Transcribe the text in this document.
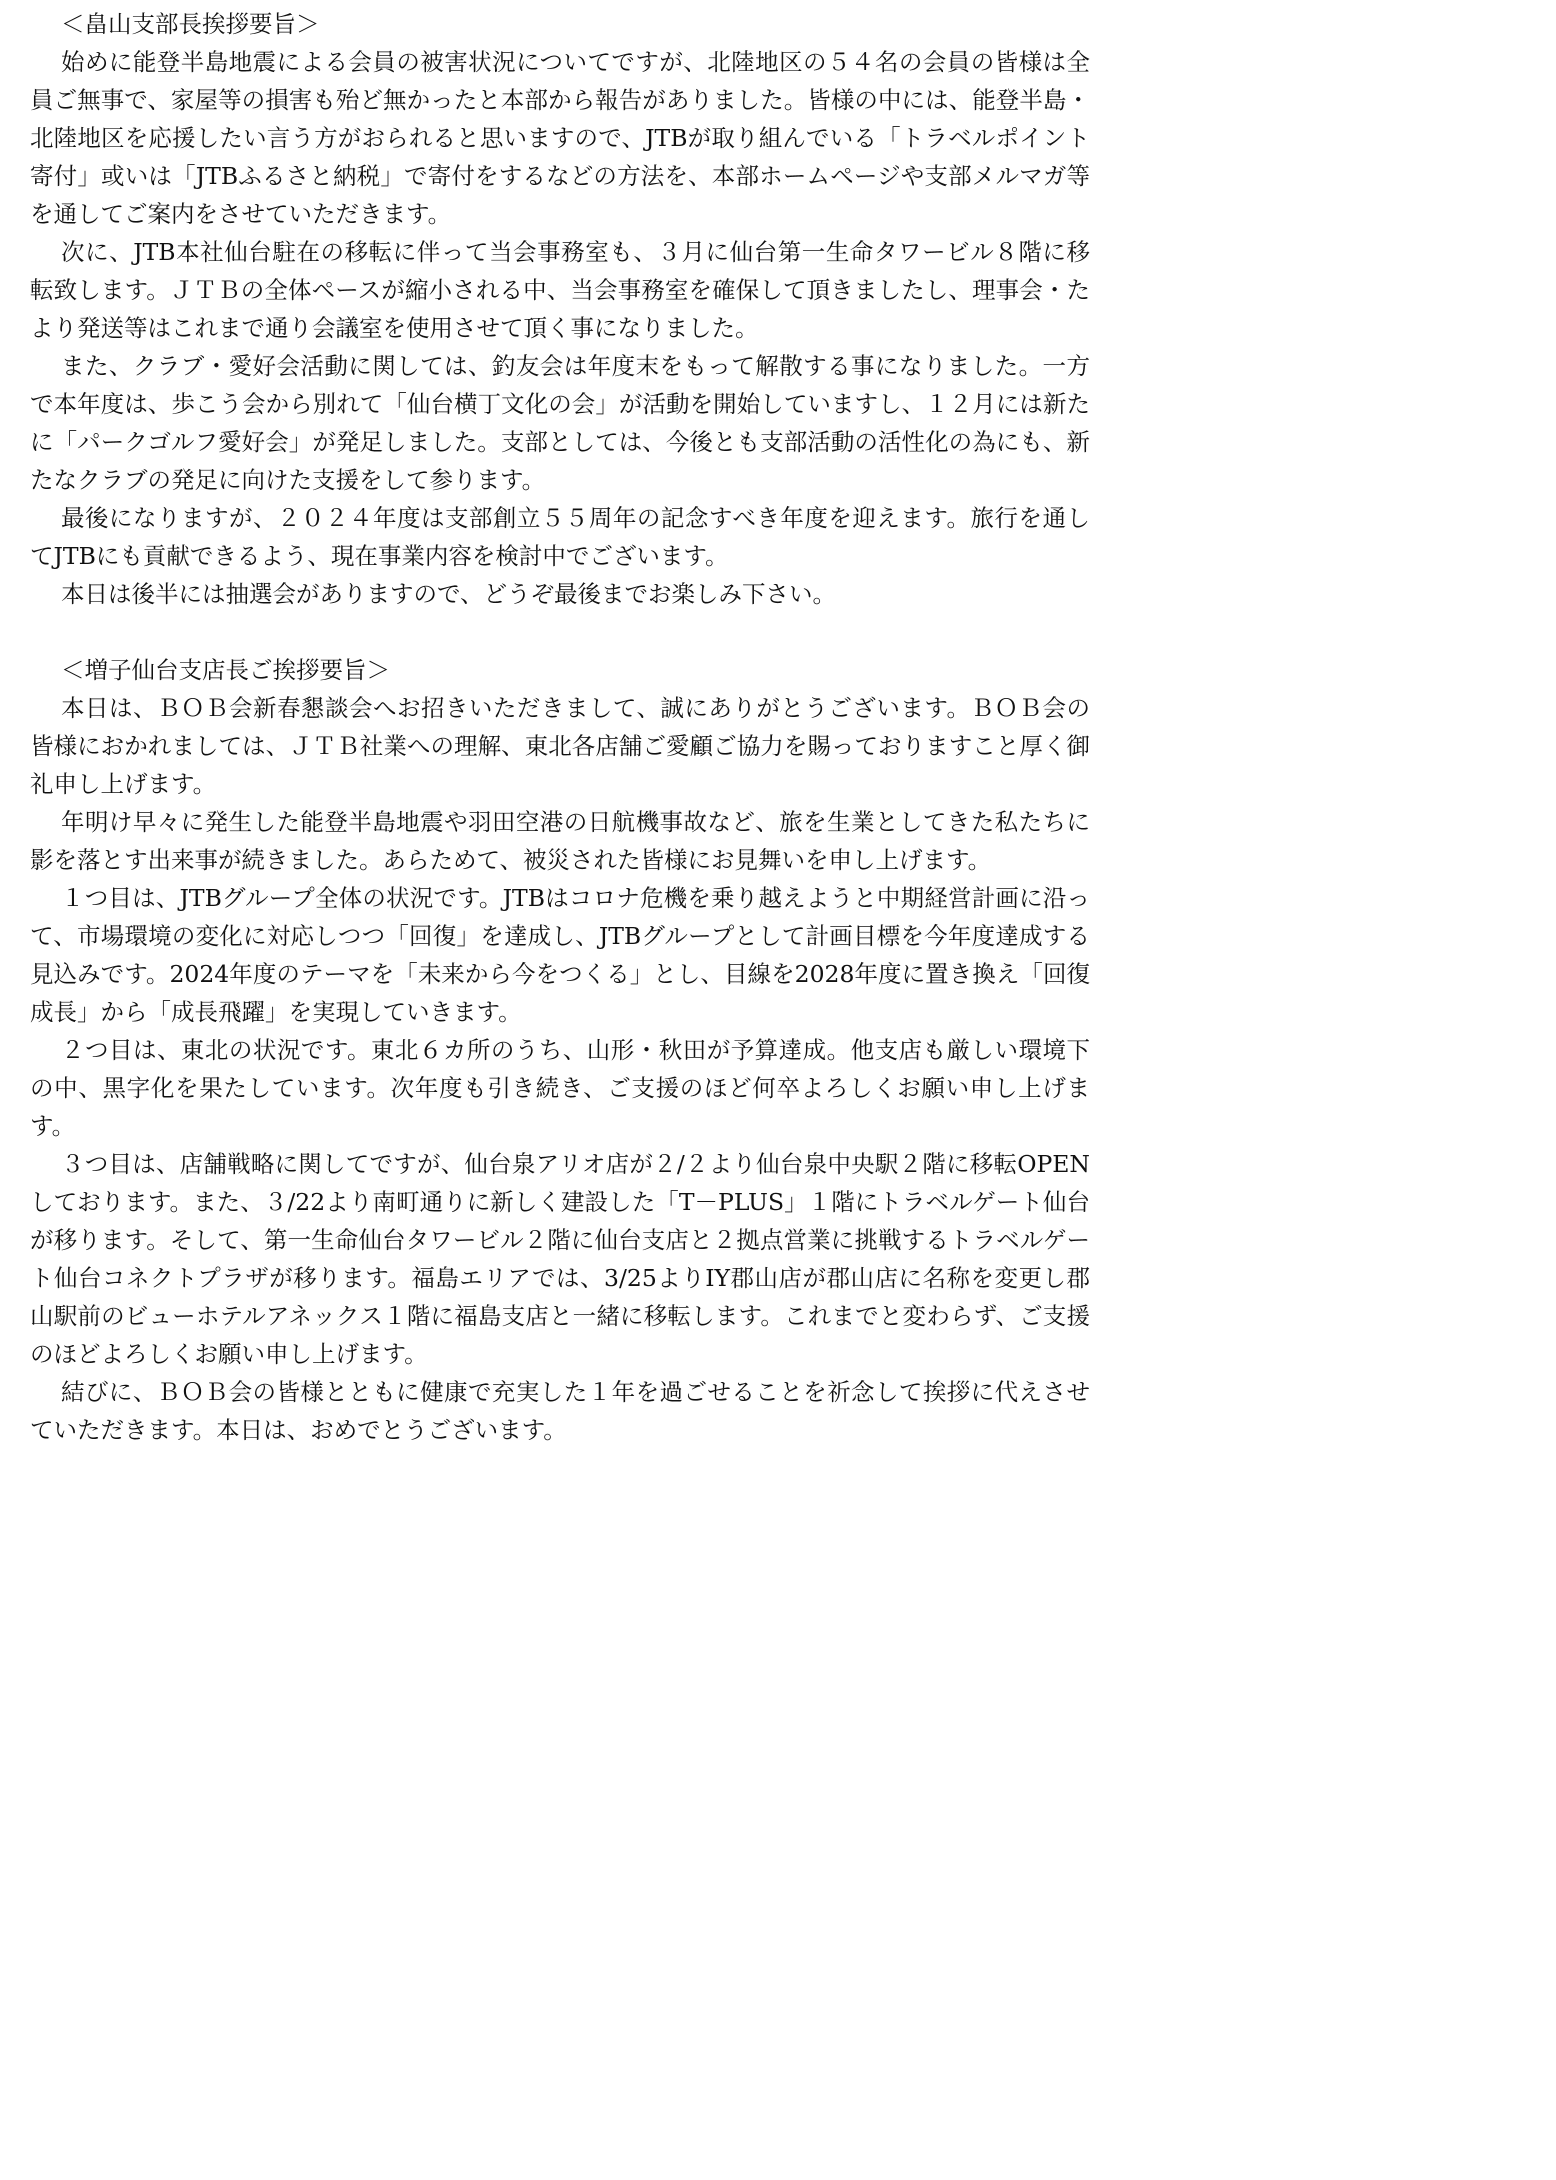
＜畠山支部長挨拶要旨＞

始めに能登半島地震による会員の被害状況についてですが、北陸地区の５４名の会員の皆様は全員ご無事で、家屋等の損害も殆ど無かったと本部から報告がありました。皆様の中には、能登半島・北陸地区を応援したい言う方がおられると思いますので、JTBが取り組んでいる「トラベルポイント寄付」或いは「JTBふるさと納税」で寄付をするなどの方法を、本部ホームページや支部メルマガ等を通してご案内をさせていただきます。

次に、JTB本社仙台駐在の移転に伴って当会事務室も、３月に仙台第一生命タワービル８階に移転致します。ＪＴＢの全体ペースが縮小される中、当会事務室を確保して頂きましたし、理事会・たより発送等はこれまで通り会議室を使用させて頂く事になりました。

また、クラブ・愛好会活動に関しては、釣友会は年度末をもって解散する事になりました。一方で本年度は、歩こう会から別れて「仙台横丁文化の会」が活動を開始していますし、１２月には新たに「パークゴルフ愛好会」が発足しました。支部としては、今後とも支部活動の活性化の為にも、新たなクラブの発足に向けた支援をして参ります。

最後になりますが、２０２４年度は支部創立５５周年の記念すべき年度を迎えます。旅行を通してJTBにも貢献できるよう、現在事業内容を検討中でございます。

本日は後半には抽選会がありますので、どうぞ最後までお楽しみ下さい。

＜増子仙台支店長ご挨拶要旨＞

本日は、ＢＯＢ会新春懇談会へお招きいただきまして、誠にありがとうございます。ＢＯＢ会の皆様におかれましては、ＪＴＢ社業への理解、東北各店舗ご愛顧ご協力を賜っておりますこと厚く御礼申し上げます。

年明け早々に発生した能登半島地震や羽田空港の日航機事故など、旅を生業としてきた私たちに影を落とす出来事が続きました。あらためて、被災された皆様にお見舞いを申し上げます。

１つ目は、JTBグループ全体の状況です。JTBはコロナ危機を乗り越えようと中期経営計画に沿って、市場環境の変化に対応しつつ「回復」を達成し、JTBグループとして計画目標を今年度達成する見込みです。2024年度のテーマを「未来から今をつくる」とし、目線を2028年度に置き換え「回復成長」から「成長飛躍」を実現していきます。

２つ目は、東北の状況です。東北６カ所のうち、山形・秋田が予算達成。他支店も厳しい環境下の中、黒字化を果たしています。次年度も引き続き、ご支援のほど何卒よろしくお願い申し上げます。

３つ目は、店舗戦略に関してですが、仙台泉アリオ店が２/２より仙台泉中央駅２階に移転OPENしております。また、３/22より南町通りに新しく建設した「T－PLUS」１階にトラベルゲート仙台が移ります。そして、第一生命仙台タワービル２階に仙台支店と２拠点営業に挑戦するトラベルゲート仙台コネクトプラザが移ります。福島エリアでは、3/25よりIY郡山店が郡山店に名称を変更し郡山駅前のビューホテルアネックス１階に福島支店と一緒に移転します。これまでと変わらず、ご支援のほどよろしくお願い申し上げます。

結びに、ＢＯＢ会の皆様とともに健康で充実した１年を過ごせることを祈念して挨拶に代えさせていただきます。本日は、おめでとうございます。
